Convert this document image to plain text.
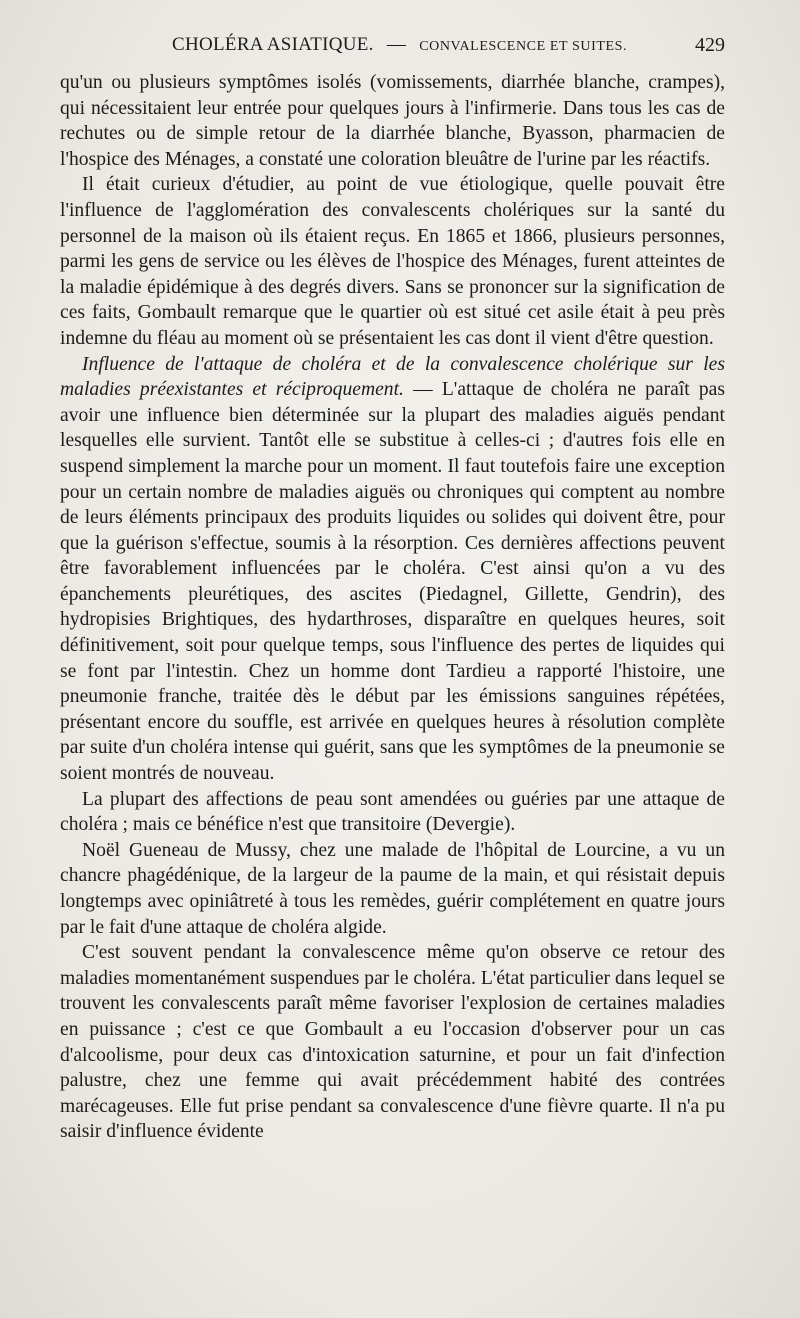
CHOLÉRA ASIATIQUE. — CONVALESCENCE ET SUITES.	429

qu'un ou plusieurs symptômes isolés (vomissements, diarrhée blanche, crampes), qui nécessitaient leur entrée pour quelques jours à l'infirmerie. Dans tous les cas de rechutes ou de simple retour de la diarrhée blanche, Byasson, pharmacien de l'hospice des Ménages, a constaté une coloration bleuâtre de l'urine par les réactifs.

Il était curieux d'étudier, au point de vue étiologique, quelle pouvait être l'influence de l'agglomération des convalescents cholériques sur la santé du personnel de la maison où ils étaient reçus. En 1865 et 1866, plusieurs personnes, parmi les gens de service ou les élèves de l'hospice des Ménages, furent atteintes de la maladie épidémique à des degrés divers. Sans se prononcer sur la signification de ces faits, Gombault remarque que le quartier où est situé cet asile était à peu près indemne du fléau au moment où se présentaient les cas dont il vient d'être question.

Influence de l'attaque de choléra et de la convalescence cholérique sur les maladies préexistantes et réciproquement. — L'attaque de choléra ne paraît pas avoir une influence bien déterminée sur la plupart des maladies aiguës pendant lesquelles elle survient. Tantôt elle se substitue à celles-ci ; d'autres fois elle en suspend simplement la marche pour un moment. Il faut toutefois faire une exception pour un certain nombre de maladies aiguës ou chroniques qui comptent au nombre de leurs éléments principaux des produits liquides ou solides qui doivent être, pour que la guérison s'effectue, soumis à la résorption. Ces dernières affections peuvent être favorablement influencées par le choléra. C'est ainsi qu'on a vu des épanchements pleurétiques, des ascites (Piedagnel, Gillette, Gendrin), des hydropisies Brightiques, des hydarthroses, disparaître en quelques heures, soit définitivement, soit pour quelque temps, sous l'influence des pertes de liquides qui se font par l'intestin. Chez un homme dont Tardieu a rapporté l'histoire, une pneumonie franche, traitée dès le début par les émissions sanguines répétées, présentant encore du souffle, est arrivée en quelques heures à résolution complète par suite d'un choléra intense qui guérit, sans que les symptômes de la pneumonie se soient montrés de nouveau.

La plupart des affections de peau sont amendées ou guéries par une attaque de choléra ; mais ce bénéfice n'est que transitoire (Devergie).

Noël Gueneau de Mussy, chez une malade de l'hôpital de Lourcine, a vu un chancre phagédénique, de la largeur de la paume de la main, et qui résistait depuis longtemps avec opiniâtreté à tous les remèdes, guérir complétement en quatre jours par le fait d'une attaque de choléra algide.

C'est souvent pendant la convalescence même qu'on observe ce retour des maladies momentanément suspendues par le choléra. L'état particulier dans lequel se trouvent les convalescents paraît même favoriser l'explosion de certaines maladies en puissance ; c'est ce que Gombault a eu l'occasion d'observer pour un cas d'alcoolisme, pour deux cas d'intoxication saturnine, et pour un fait d'infection palustre, chez une femme qui avait précédemment habité des contrées marécageuses. Elle fut prise pendant sa convalescence d'une fièvre quarte. Il n'a pu saisir d'influence évidente
